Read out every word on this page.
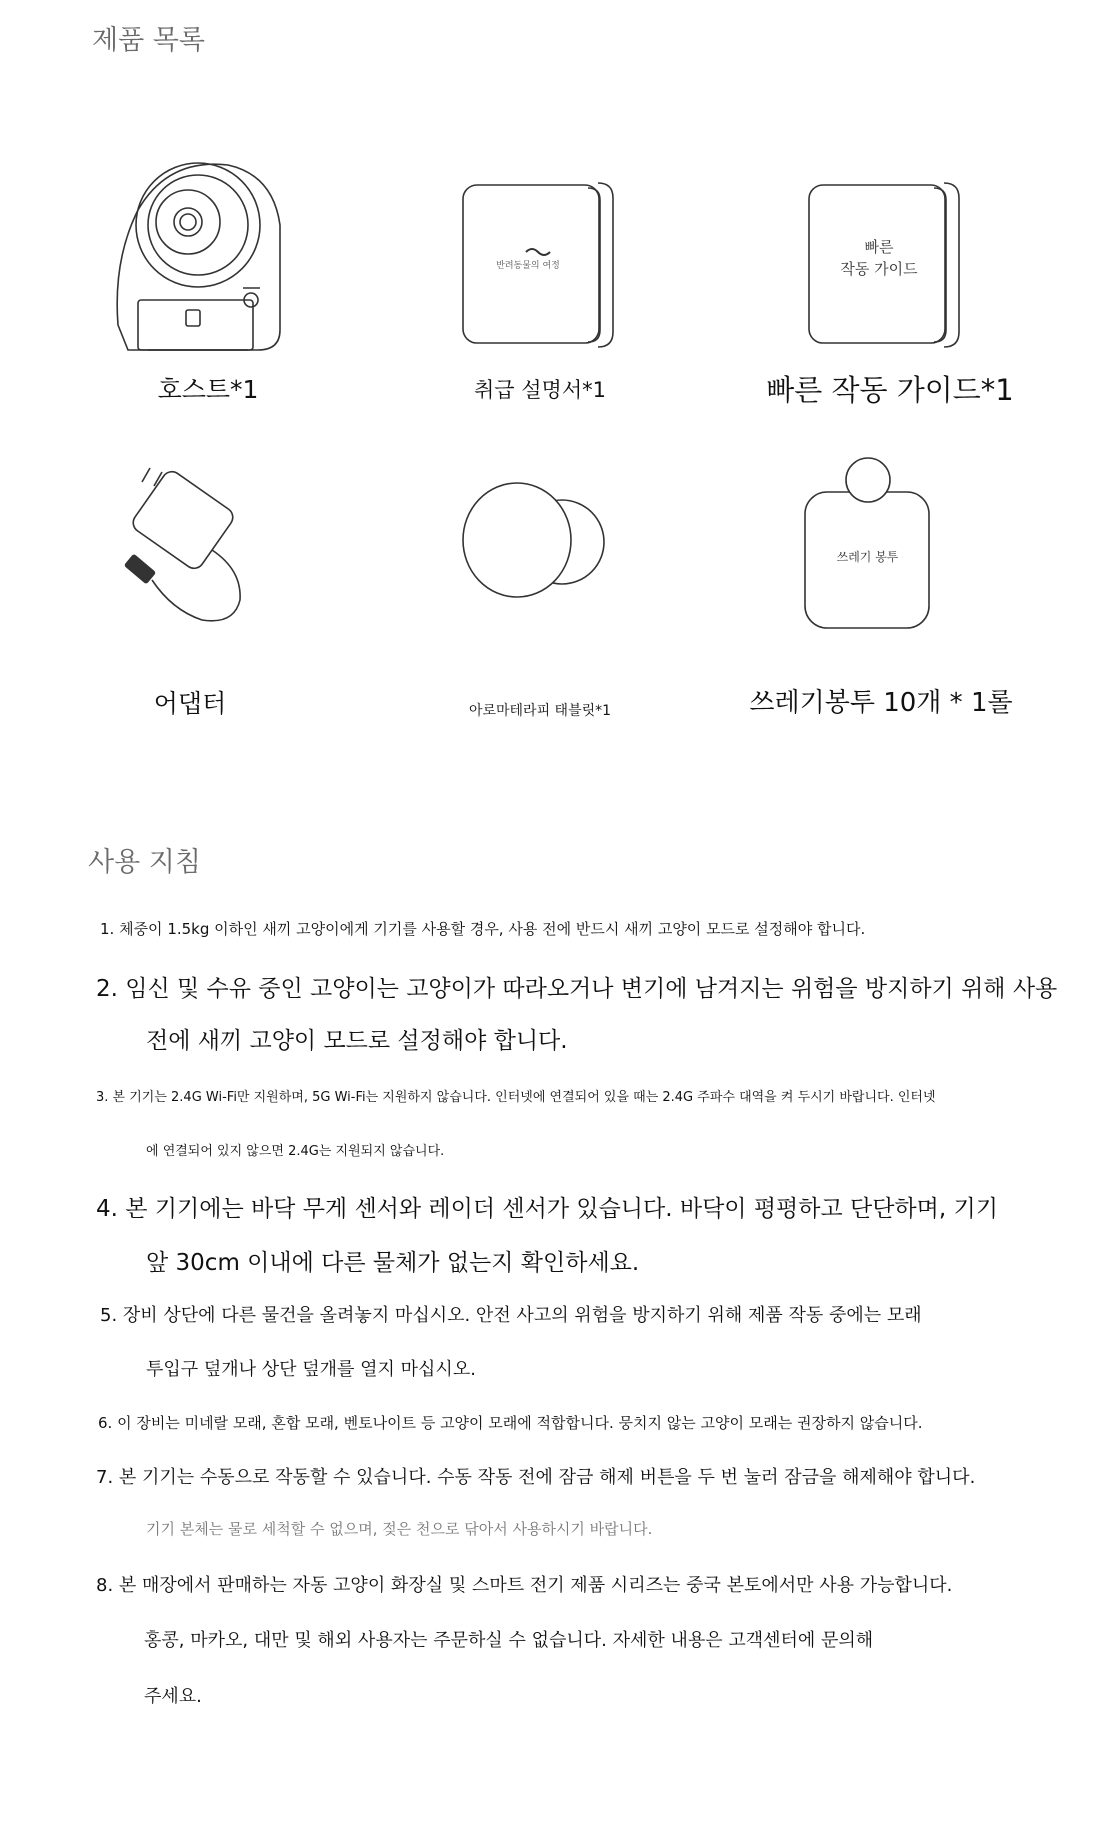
제품 목록
반려동물의 여정
빠른
작동 가이드
호스트*1	취급 설명서*1	빠른 작동 가이드*1
쓰레기 봉투
어댑터	아로마테라피 태블릿*1	쓰레기봉투 10개 * 1롤
사용 지침
1. 체중이 1.5kg 이하인 새끼 고양이에게 기기를 사용할 경우, 사용 전에 반드시 새끼 고양이 모드로 설정해야 합니다.
2. 임신 및 수유 중인 고양이는 고양이가 따라오거나 변기에 남겨지는 위험을 방지하기 위해 사용
전에 새끼 고양이 모드로 설정해야 합니다.
3. 본 기기는 2.4G Wi-Fi만 지원하며, 5G Wi-Fi는 지원하지 않습니다. 인터넷에 연결되어 있을 때는 2.4G 주파수 대역을 켜 두시기 바랍니다. 인터넷
에 연결되어 있지 않으면 2.4G는 지원되지 않습니다.
4. 본 기기에는 바닥 무게 센서와 레이더 센서가 있습니다. 바닥이 평평하고 단단하며, 기기
앞 30cm 이내에 다른 물체가 없는지 확인하세요.
5. 장비 상단에 다른 물건을 올려놓지 마십시오. 안전 사고의 위험을 방지하기 위해 제품 작동 중에는 모래
투입구 덮개나 상단 덮개를 열지 마십시오.
6. 이 장비는 미네랄 모래, 혼합 모래, 벤토나이트 등 고양이 모래에 적합합니다. 뭉치지 않는 고양이 모래는 권장하지 않습니다.
7. 본 기기는 수동으로 작동할 수 있습니다. 수동 작동 전에 잠금 해제 버튼을 두 번 눌러 잠금을 해제해야 합니다.
기기 본체는 물로 세척할 수 없으며, 젖은 천으로 닦아서 사용하시기 바랍니다.
8. 본 매장에서 판매하는 자동 고양이 화장실 및 스마트 전기 제품 시리즈는 중국 본토에서만 사용 가능합니다.
홍콩, 마카오, 대만 및 해외 사용자는 주문하실 수 없습니다. 자세한 내용은 고객센터에 문의해
주세요.
